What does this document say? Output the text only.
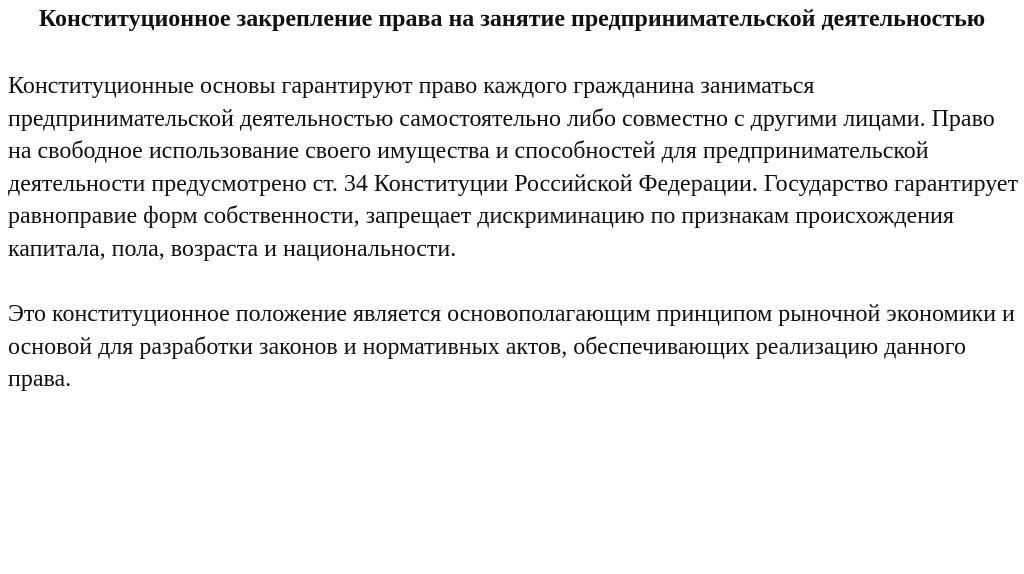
Конституционное закрепление права на занятие предпринимательской деятельностью

Конституционные основы гарантируют право каждого гражданина заниматься предпринимательской деятельностью самостоятельно либо совместно с другими лицами. Право на свободное использование своего имущества и способностей для предпринимательской деятельности предусмотрено ст. 34 Конституции Российской Федерации. Государство гарантирует равноправие форм собственности, запрещает дискриминацию по признакам происхождения капитала, пола, возраста и национальности.

Это конституционное положение является основополагающим принципом рыночной экономики и основой для разработки законов и нормативных актов, обеспечивающих реализацию данного права.
